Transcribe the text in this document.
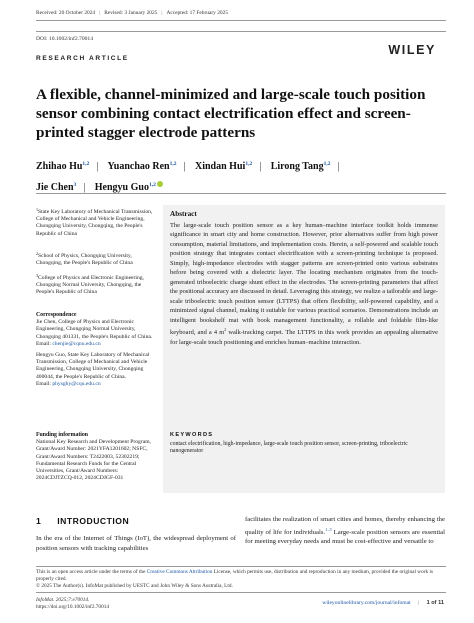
Received: 20 October 2024 | Revised: 3 January 2025 | Accepted: 17 February 2025
DOI: 10.1002/inf2.70014
WILEY
RESEARCH ARTICLE
A flexible, channel-minimized and large-scale touch position sensor combining contact electrification effect and screen-printed stagger electrode patterns
Zhihao Hu$^{1,2}$ | Yuanchao Ren$^{1,2}$ | Xindan Hui$^{1,2}$ | Lirong Tang$^{1,2}$ |
Jie Chen$^3$ | Hengyu Guo$^{1,2}$
$^1$State Key Laboratory of Mechanical Transmission, College of Mechanical and Vehicle Engineering, Chongqing University, Chongqing, the People's Republic of China
$^2$School of Physics, Chongqing University, Chongqing, the People's Republic of China
$^3$College of Physics and Electronic Engineering, Chongqing Normal University, Chongqing, the People's Republic of China
Correspondence
Jie Chen, College of Physics and Electronic Engineering, Chongqing Normal University, Chongqing 401331, the People's Republic of China.
Email: chenjie@cqnu.edu.cn

Hengyu Guo, State Key Laboratory of Mechanical Transmission, College of Mechanical and Vehicle Engineering, Chongqing University, Chongqing 400044, the People's Republic of China.
Email: physghy@cqu.edu.cn
Funding information
National Key Research and Development Program, Grant/Award Number: 2021YFA1201602; NSFC, Grant/Award Numbers: T2422003, 52302219; Fundamental Research Funds for the Central Universities, Grant/Award Numbers: 2024CDJTZCQ-012, 2024CDJGF-031
Abstract
The large-scale touch position sensor as a key human–machine interface toolkit holds immense significance in smart city and home construction. However, prior alternatives suffer from high power consumption, material limitations, and implementation costs. Herein, a self-powered and scalable touch position strategy that integrates contact electrification with a screen-printing technique is proposed. Simply, high-impedance electrodes with stagger patterns are screen-printed onto various substrates before being covered with a dielectric layer. The locating mechanism originates from the touch-generated triboelectric charge shunt effect in the electrodes. The screen-printing parameters that affect the positional accuracy are discussed in detail. Leveraging this strategy, we realize a tailorable and large-scale triboelectric touch position sensor (LTTPS) that offers flexibility, self-powered capability, and a minimized signal channel, making it suitable for various practical scenarios. Demonstrations include an intelligent bookshelf mat with book management functionality, a rollable and foldable film-like keyboard, and a 4 $m^2$ walk-tracking carpet. The LTTPS in this work provides an appealing alternative for large-scale touch positioning and enriches human–machine interaction.
KEYWORDS
contact electrification, high-impedance, large-scale touch position sensor, screen-printing, triboelectric nanogenerator
1 INTRODUCTION
In the era of the Internet of Things (IoT), the widespread deployment of position sensors with tracking capabilities
facilitates the realization of smart cities and homes, thereby enhancing the quality of life for individuals.$^{1-5}$ Large-scale position sensors are essential for meeting everyday needs and must be cost-effective and versatile to
This is an open access article under the terms of the Creative Commons Attribution License, which permits use, distribution and reproduction in any medium, provided the original work is properly cited.
© 2025 The Author(s). InfoMat published by UESTC and John Wiley & Sons Australia, Ltd.
InfoMat. 2025;7:e70014.
https://doi.org/10.1002/inf2.70014
wileyonlinelibrary.com/journal/infomat | 1 of 11
